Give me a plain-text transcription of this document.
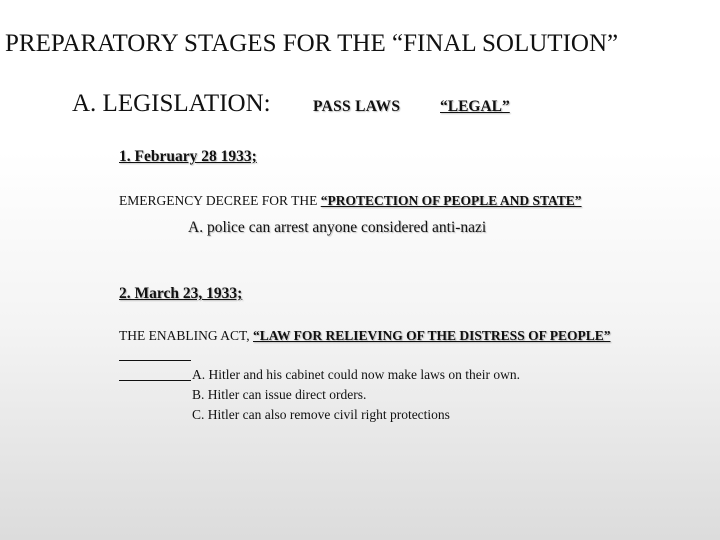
PREPARATORY STAGES FOR THE “FINAL SOLUTION”
A. LEGISLATION:	PASS LAWS	“LEGAL”
1. February 28 1933;
EMERGENCY DECREE FOR THE “PROTECTION OF PEOPLE AND STATE”
A. police can arrest anyone considered anti-nazi
2. March 23, 1933;
THE ENABLING ACT, “LAW FOR RELIEVING OF THE DISTRESS OF PEOPLE”
A. Hitler and his cabinet could now make laws on their own.
B. Hitler can issue direct orders.
C. Hitler can also remove civil right protections
